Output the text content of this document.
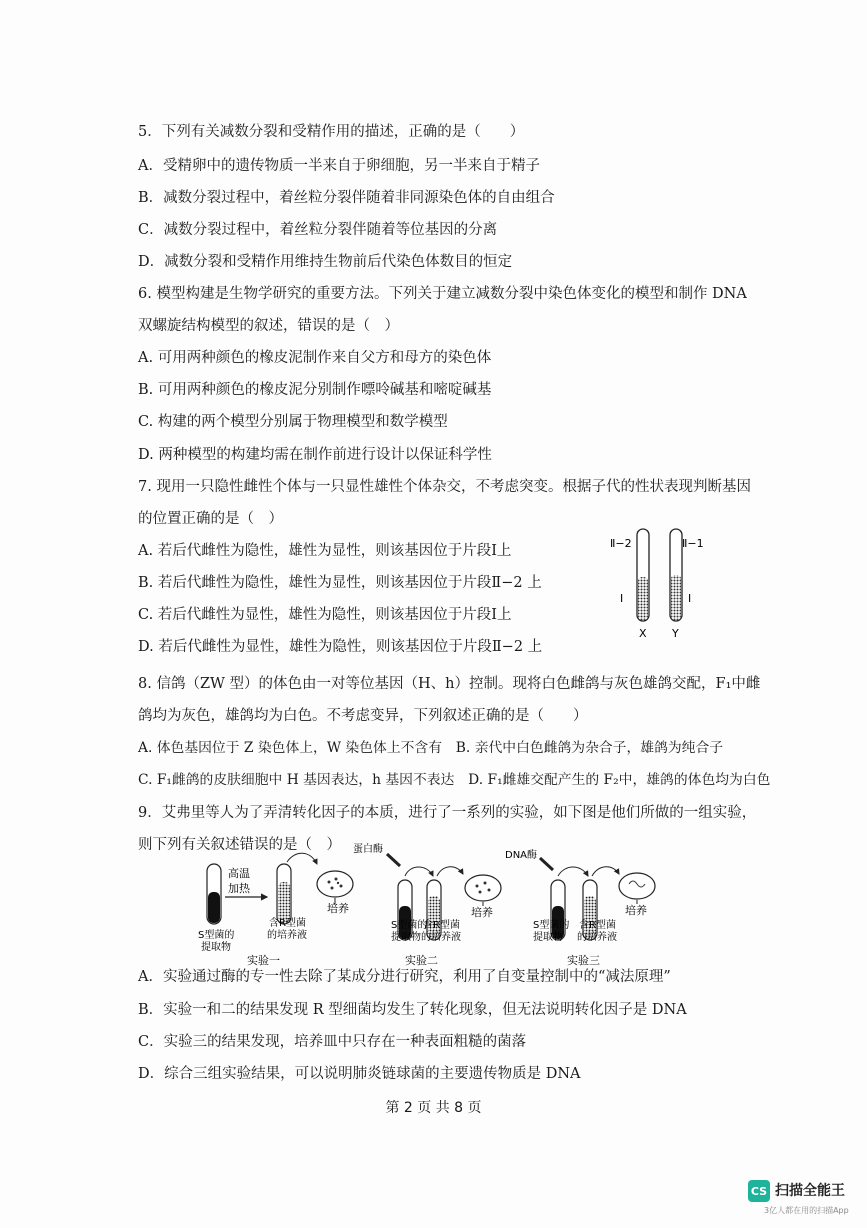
5．下列有关减数分裂和受精作用的描述，正确的是（　　）
A．受精卵中的遗传物质一半来自于卵细胞，另一半来自于精子
B．减数分裂过程中，着丝粒分裂伴随着非同源染色体的自由组合
C．减数分裂过程中，着丝粒分裂伴随着等位基因的分离
D．减数分裂和受精作用维持生物前后代染色体数目的恒定
6. 模型构建是生物学研究的重要方法。下列关于建立减数分裂中染色体变化的模型和制作 DNA
双螺旋结构模型的叙述，错误的是（　）
A. 可用两种颜色的橡皮泥制作来自父方和母方的染色体
B. 可用两种颜色的橡皮泥分别制作嘌呤碱基和嘧啶碱基
C. 构建的两个模型分别属于物理模型和数学模型
D. 两种模型的构建均需在制作前进行设计以保证科学性
7. 现用一只隐性雌性个体与一只显性雄性个体杂交，不考虑突变。根据子代的性状表现判断基因
的位置正确的是（　）
A. 若后代雌性为隐性，雄性为显性，则该基因位于片段Ⅰ上
B. 若后代雌性为隐性，雄性为显性，则该基因位于片段Ⅱ−2 上
C. 若后代雌性为显性，雄性为隐性，则该基因位于片段Ⅰ上
D. 若后代雌性为显性，雄性为隐性，则该基因位于片段Ⅱ−2 上
Ⅱ−2	Ⅱ−1
Ⅰ	Ⅰ
X Y
8. 信鸽（ZW 型）的体色由一对等位基因（H、h）控制。现将白色雌鸽与灰色雄鸽交配，F₁中雌
鸽均为灰色，雄鸽均为白色。不考虑变异，下列叙述正确的是（　　）
A. 体色基因位于 Z 染色体上，W 染色体上不含有　B. 亲代中白色雌鸽为杂合子，雄鸽为纯合子
C. F₁雌鸽的皮肤细胞中 H 基因表达，h 基因不表达　D. F₁雌雄交配产生的 F₂中，雄鸽的体色均为白色
9．艾弗里等人为了弄清转化因子的本质，进行了一系列的实验，如下图是他们所做的一组实验，
则下列有关叙述错误的是（　）
高温
加热
培养
S型菌的
提取物
含R型菌
的培养液
实验一
蛋白酶
培养
S型菌的
提取物
含R型菌
的培养液
实验二
DNA酶
培养
S型菌的
提取物
含R型菌
的培养液
实验三
A．实验通过酶的专一性去除了某成分进行研究，利用了自变量控制中的“减法原理”
B．实验一和二的结果发现 R 型细菌均发生了转化现象，但无法说明转化因子是 DNA
C．实验三的结果发现，培养皿中只存在一种表面粗糙的菌落
D．综合三组实验结果，可以说明肺炎链球菌的主要遗传物质是 DNA
第 2 页 共 8 页
CS 扫描全能王
3亿人都在用的扫描App
